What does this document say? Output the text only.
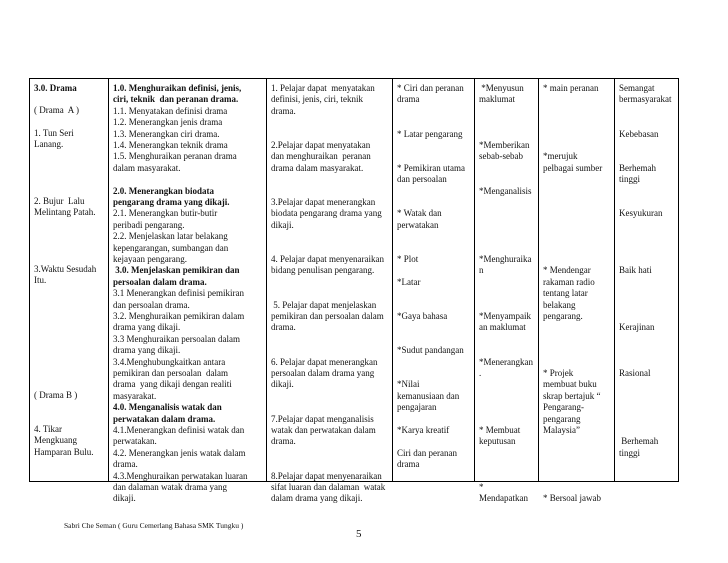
3.0. Drama
( Drama  A )
1. Tun Seri
Lanang.
2. Bujur  Lalu
Melintang Patah.
3.Waktu Sesudah
Itu.
( Drama B )
4. Tikar
Mengkuang
Hamparan Bulu.
1.0. Menghuraikan definisi, jenis,
ciri, teknik  dan peranan drama.
1.1. Menyatakan definisi drama
1.2. Menerangkan jenis drama
1.3. Menerangkan ciri drama.
1.4. Menerangkan teknik drama
1.5. Menghuraikan peranan drama
dalam masyarakat.
2.0. Menerangkan biodata
pengarang drama yang dikaji.
2.1. Menerangkan butir-butir
peribadi pengarang.
2.2. Menjelaskan latar belakang
kepengarangan, sumbangan dan
kejayaan pengarang.
3.0. Menjelaskan pemikiran dan
persoalan dalam drama.
3.1 Menerangkan definisi pemikiran
dan persoalan drama.
3.2. Menghuraikan pemikiran dalam
drama yang dikaji.
3.3 Menghuraikan persoalan dalam
drama yang dikaji.
3.4.Menghubungkaitkan antara
pemikiran dan persoalan  dalam
drama  yang dikaji dengan realiti
masyarakat.
4.0. Menganalisis watak dan
perwatakan dalam drama.
4.1.Menerangkan definisi watak dan
perwatakan.
4.2. Menerangkan jenis watak dalam
drama.
4.3.Menghuraikan perwatakan luaran
dan dalaman watak drama yang
dikaji.
1. Pelajar dapat  menyatakan
definisi, jenis, ciri, teknik
drama.
2.Pelajar dapat menyatakan
dan menghuraikan  peranan
drama dalam masyarakat.
3.Pelajar dapat menerangkan
biodata pengarang drama yang
dikaji.
4. Pelajar dapat menyenaraikan
bidang penulisan pengarang.
5. Pelajar dapat menjelaskan
pemikiran dan persoalan dalam
drama.
6. Pelajar dapat menerangkan
persoalan dalam drama yang
dikaji.
7.Pelajar dapat menganalisis
watak dan perwatakan dalam
drama.
8.Pelajar dapat menyenaraikan
sifat luaran dan dalaman  watak
dalam drama yang dikaji.
* Ciri dan peranan
drama
* Latar pengarang
* Pemikiran utama
dan persoalan
* Watak dan
perwatakan
* Plot
*Latar
*Gaya bahasa
*Sudut pandangan
*Nilai
kemanusiaan dan
pengajaran
*Karya kreatif
Ciri dan peranan
drama
*Menyusun
maklumat
*Memberikan
sebab-sebab
*Menganalisis
*Menghuraika
n
*Menyampaik
an maklumat
*Menerangkan
.
* Membuat
keputusan
*
Mendapatkan
* main peranan
*merujuk
pelbagai sumber
* Mendengar
rakaman radio
tentang latar
belakang
pengarang.
* Projek
membuat buku
skrap bertajuk “
Pengarang-
pengarang
Malaysia”
* Bersoal jawab
Semangat
bermasyarakat
Kebebasan
Berhemah
tinggi
Kesyukuran
Baik hati
Kerajinan
Rasional
Berhemah
tinggi
Sabri Che Seman ( Guru Cemerlang Bahasa SMK Tungku )
5
